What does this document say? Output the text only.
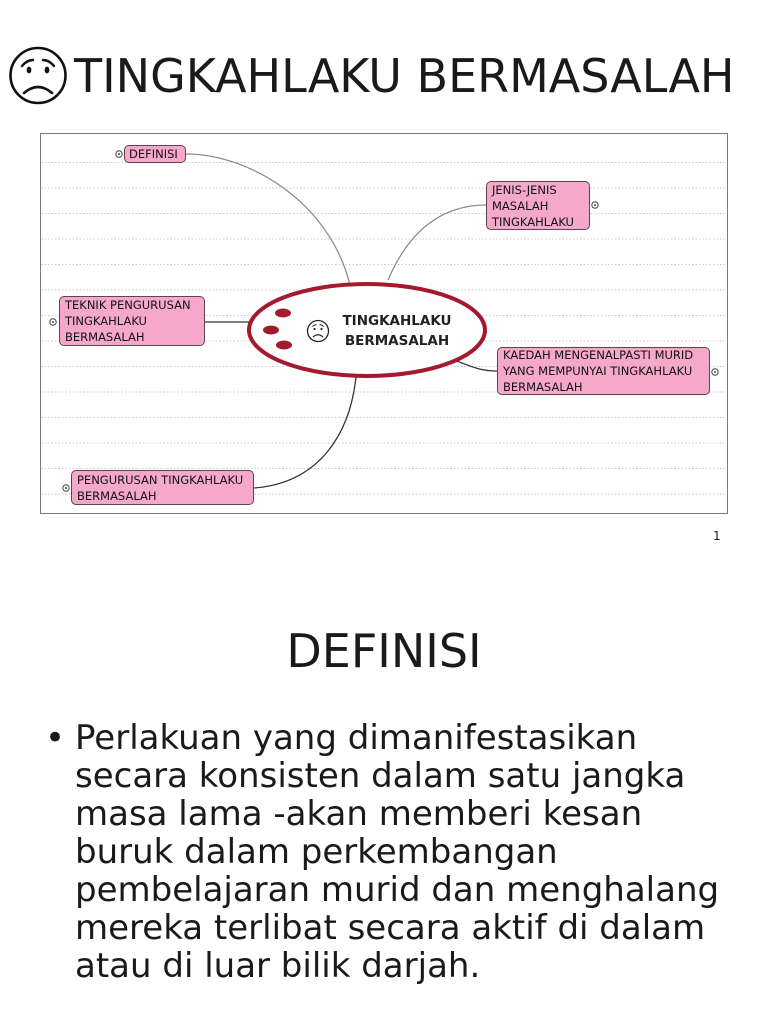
TINGKAHLAKU BERMASALAH
TINGKAHLAKU
BERMASALAH
DEFINISI
JENIS-JENIS
MASALAH
TINGKAHLAKU
TEKNIK PENGURUSAN
TINGKAHLAKU
BERMASALAH
KAEDAH MENGENALPASTI MURID
YANG MEMPUNYAI TINGKAHLAKU
BERMASALAH
PENGURUSAN TINGKAHLAKU
BERMASALAH
1
DEFINISI
• Perlakuan yang dimanifestasikan
secara konsisten dalam satu jangka
masa lama -akan memberi kesan
buruk dalam perkembangan
pembelajaran murid dan menghalang
mereka terlibat secara aktif di dalam
atau di luar bilik darjah.
